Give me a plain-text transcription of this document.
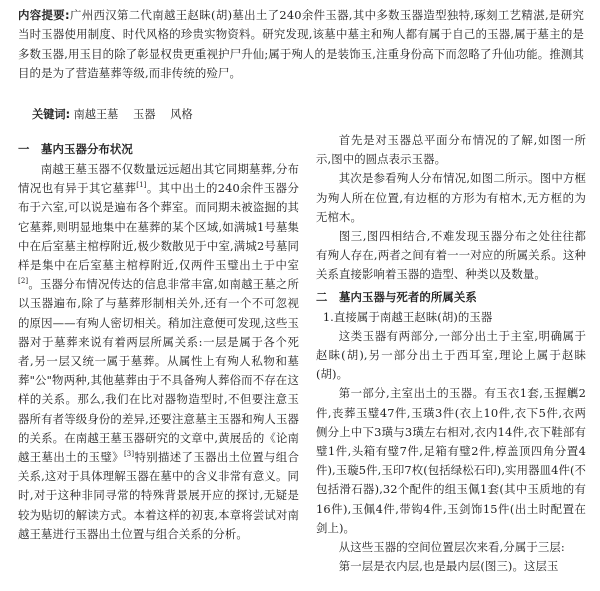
内容提要:广州西汉第二代南越王赵眛(胡)墓出土了240余件玉器,其中多数玉器造型独特,琢刻工艺精湛,是研究当时玉器使用制度、时代风格的珍贵实物资料。研究发现,该墓中墓主和殉人都有属于自己的玉器,属于墓主的是多数玉器,用玉目的除了彰显权贵更重视护尸升仙;属于殉人的是装饰玉,注重身份高下而忽略了升仙功能。推测其目的是为了营造墓葬等级,而非传统的殓尸。
关键词: 南越王墓  玉器  风格

一　墓内玉器分布状况

南越王墓玉器不仅数量远远超出其它同期墓葬,分布情况也有异于其它墓葬[1]。其中出土的240余件玉器分布于六室,可以说是遍布各个葬室。而同期未被盗掘的其它墓葬,则明显地集中在墓葬的某个区域,如满城1号墓集中在后室墓主棺椁附近,极少数散见于中室,满城2号墓同样是集中在后室墓主棺椁附近,仅两件玉璧出土于中室[2]。玉器分布情况传达的信息非常丰富,如南越王墓之所以玉器遍布,除了与墓葬形制相关外,还有一个不可忽视的原因——有殉人密切相关。稍加注意便可发现,这些玉器对于墓葬来说有着两层所属关系:一层是属于各个死者,另一层又统一属于墓葬。从属性上有殉人私物和墓葬"公"物两种,其他墓葬由于不具备殉人葬俗而不存在这样的关系。那么,我们在比对器物造型时,不但要注意玉器所有者等级身份的差异,还要注意墓主玉器和殉人玉器的关系。在南越王墓玉器研究的文章中,黄展岳的《论南越王墓出土的玉璧》[3]特别描述了玉器出土位置与组合关系,这对于具体理解玉器在墓中的含义非常有意义。同时,对于这种非同寻常的特殊背景展开应的探讨,无疑是较为贴切的解读方式。本着这样的初衷,本章将尝试对南越王墓进行玉器出土位置与组合关系的分析。

首先是对玉器总平面分布情况的了解,如图一所示,图中的圆点表示玉器。

其次是参看殉人分布情况,如图二所示。图中方框为殉人所在位置,有边框的方形为有棺木,无方框的为无棺木。

图三,图四相结合,不难发现玉器分布之处往往都有殉人存在,两者之间有着一一对应的所属关系。这种关系直接影响着玉器的造型、种类以及数量。

二　墓内玉器与死者的所属关系

1.直接属于南越王赵眛(胡)的玉器

这类玉器有两部分,一部分出土于主室,明确属于赵眛(胡),另一部分出土于西耳室,理论上属于赵眛(胡)。

第一部分,主室出土的玉器。有玉衣1套,玉握觽2件,丧葬玉璧47件,玉璜3件(衣上10件,衣下5件,衣两侧分上中下3璜与3璜左右相对,衣内14件,衣下鞋部有璧1件,头箱有璧7件,足箱有璧2件,椁盖顶四角分置4件),玉璇5件,玉印7枚(包括绿松石印),实用器皿4件(不包括滑石器),32个配件的组玉佩1套(其中玉质地的有16件),玉佩4件,带钩4件,玉剑饰15件(出土时配置在剑上)。

从这些玉器的空间位置层次来看,分属于三层:

第一层是衣内层,也是最内层(图三)。这层玉
